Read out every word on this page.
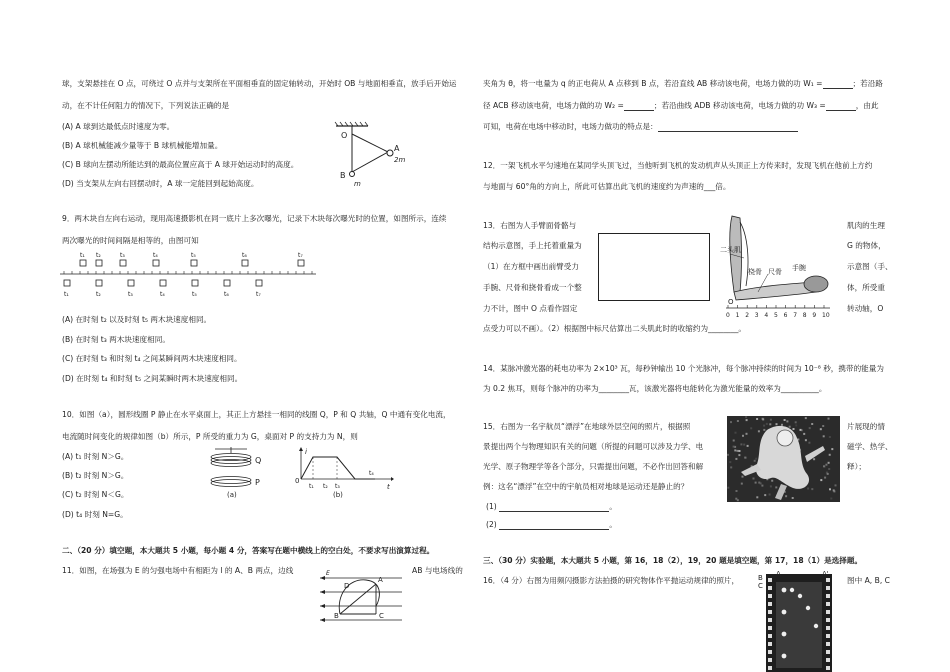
球，支架悬挂在 O 点，可绕过 O 点并与支架所在平面相垂直的固定轴转动，开始时 OB 与地面相垂直，放手后开始运
动，在不计任何阻力的情况下，下列说法正确的是
(A) A 球到达最低点时速度为零。
(B) A 球机械能减少量等于 B 球机械能增加量。
(C) B 球向左摆动所能达到的最高位置应高于 A 球开始运动时的高度。
(D) 当支架从左向右回摆动时，A 球一定能回到起始高度。
O
A
2m
B
m
9．两木块自左向右运动，现用高速摄影机在同一底片上多次曝光，记录下木块每次曝光时的位置，如图所示，连续
两次曝光的时间间隔是相等的，由图可知
t₁ t₂	t₃	t₄	t₅	t₆	t₇
t₁	t₂	t₃	t₄	t₅	t₆	t₇
(A) 在时刻 t₂ 以及时刻 t₅ 两木块速度相同。
(B) 在时刻 t₃ 两木块速度相同。
(C) 在时刻 t₃ 和时刻 t₄ 之间某瞬间两木块速度相同。
(D) 在时刻 t₄ 和时刻 t₅ 之间某瞬时两木块速度相同。
10．如图（a），圆形线圈 P 静止在水平桌面上，其正上方悬挂一相同的线圈 Q，P 和 Q 共轴，Q 中通有变化电流，
电流随时间变化的规律如图（b）所示，P 所受的重力为 G，桌面对 P 的支持力为 N，则
(A) t₁ 时刻 N＞G。
(B) t₂ 时刻 N＞G。
(C) t₂ 时刻 N＜G。
(D) t₄ 时刻 N=G。
Q
P
(a)
i
0
t
t₁ t₂ t₃
t₄
(b)
二、（20 分）填空题，本大题共 5 小题，每小题 4 分，答案写在题中横线上的空白处，不要求写出演算过程。
11．如图，在场强为 E 的匀强电场中有相距为 l 的 A、B 两点，边线	AB 与电场线的
E
A
D
B	C
夹角为 θ，将一电量为 q 的正电荷从 A 点移到 B 点，若沿直线 AB 移动该电荷，电场力做的功 W₁ =	；若沿路
径 ACB 移动该电荷，电场力做的功 W₂ =	；若沿曲线 ADB 移动该电荷，电场力做的功 W₃ =	，由此
可知，电荷在电场中移动时，电场力做功的特点是：
12．一架飞机水平匀速地在某同学头顶飞过，当他听到飞机的发动机声从头顶正上方传来时，发现飞机在他前上方约
与地面与 60°角的方向上，所此可估算出此飞机的速度约为声速的___倍。
13．右图为人手臂面骨骼与
结构示意图，手上托着重量为
（1）在方框中画出前臂受力
手腕、尺骨和挠骨看成一个整
力不计，图中 O 点看作固定
0 1 2 3 4 5 6 7 8 9 10
二头肌
手腕
桡骨 尺骨
O
肌肉的生理
G 的物体，
示意图（手、
体，所受重
转动轴，O
点受力可以不画）。（2）根据图中标尺估算出二头肌此时的收缩约为________。
14．某脉冲激光器的耗电功率为 2×10³ 瓦，每秒钟输出 10 个光脉冲，每个脉冲持续的时间为 10⁻⁸ 秒，携带的能量为
为 0.2 焦耳，则每个脉冲的功率为________瓦，该激光器将电能转化为激光能量的效率为__________。
15．右图为一名宇航员“漂浮”在地球外层空间的照片，根据照
景提出两个与物理知识有关的问题（所提的问题可以涉及力学、电
光学、原子物理学等各个部分，只需提出问题，不必作出回答和解
例：这名“漂浮”在空中的宇航员相对地球是运动还是静止的？
片展现的情
磁学、热学、
释）；
(1)	。
(2)	。
三、（30 分）实验题，本大题共 5 小题，第 16，18（2），19，20 题是填空题，第 17，18（1）是选择题。
16．（4 分）右图为用频闪摄影方法拍摄的研究物体作平抛运动规律的照片，	图中 A, B, C
A	A'
B
C
